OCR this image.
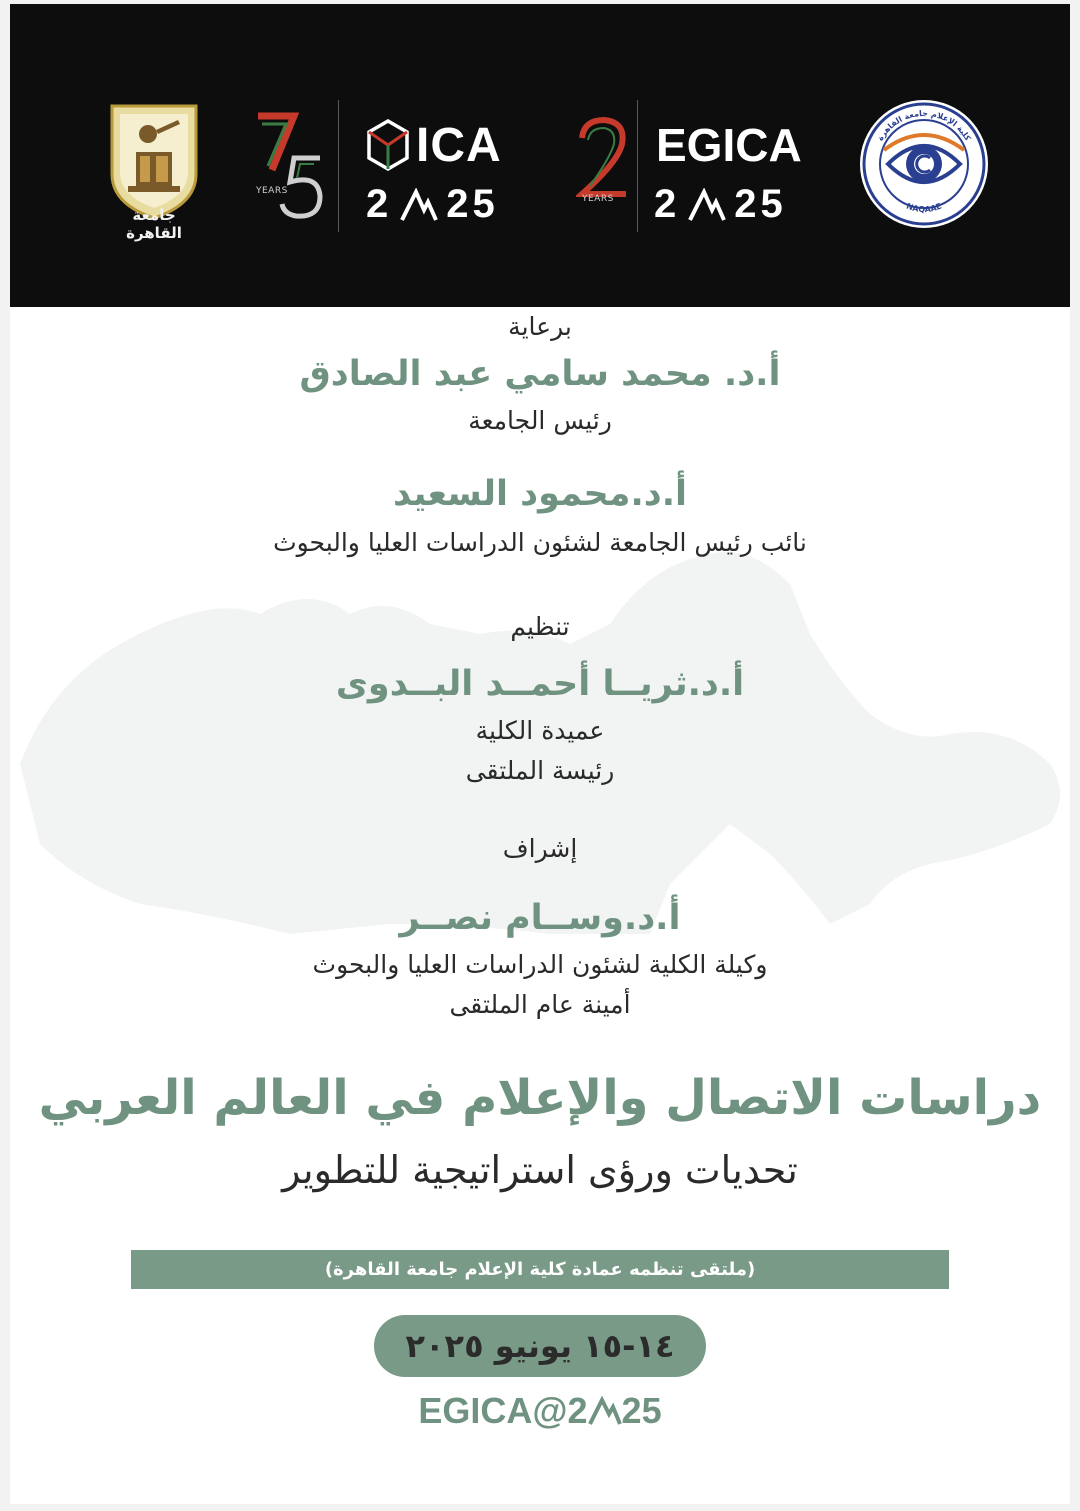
جامعة القاهرة
YEARS
ICA
2 25	YEARS
EGICA
2 25
كلية الإعلام جامعة القاهرة
NAQAAE
برعاية
أ.د. محمد سامي عبد الصادق
رئيس الجامعة
أ.د.محمود السعيد
نائب رئيس الجامعة لشئون الدراسات العليا والبحوث
تنظيم
أ.د.ثريــا أحمــد البــدوى
عميدة الكلية
رئيسة الملتقى
إشراف
أ.د.وســام نصــر
وكيلة الكلية لشئون الدراسات العليا والبحوث
أمينة عام الملتقى
دراسات الاتصال والإعلام في العالم العربي
تحديات ورؤى استراتيجية للتطوير
(ملتقى تنظمه عمادة كلية الإعلام جامعة القاهرة)
١٤-١٥ يونيو ٢٠٢٥
EGICA@2 25
